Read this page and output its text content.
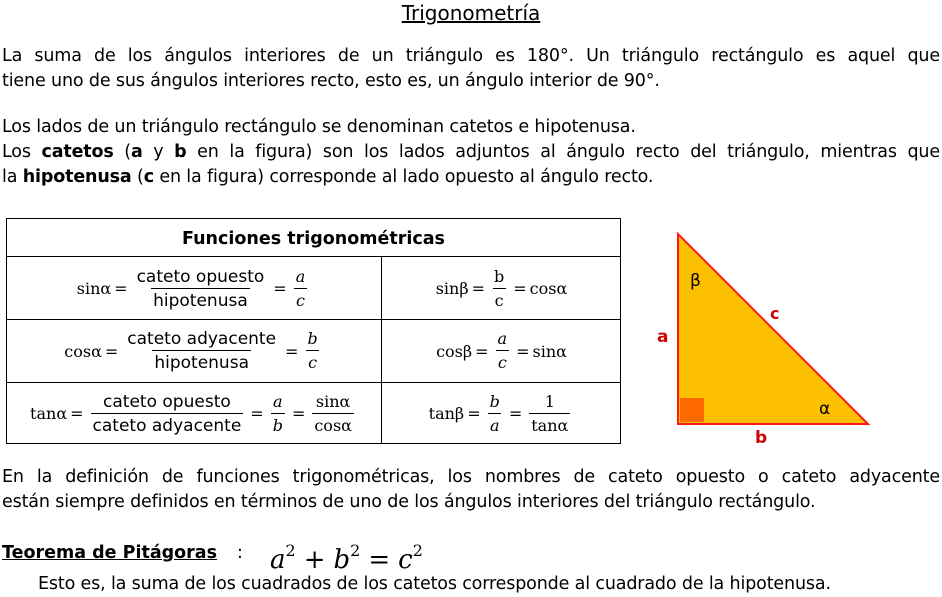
Trigonometría
La suma de los ángulos interiores de un triángulo es 180°. Un triángulo rectángulo es aquel que
tiene uno de sus ángulos interiores recto, esto es, un ángulo interior de 90°.
Los lados de un triángulo rectángulo se denominan catetos e hipotenusa.
Los catetos (a y b en la figura) son los lados adjuntos al ángulo recto del triángulo, mientras que
la hipotenusa (c en la figura) corresponde al lado opuesto al ángulo recto.
Funciones trigonométricas
$\sin\alpha = \frac{\text{cateto opuesto}}{\text{hipotenusa}} = \frac{a}{c}$	$\sin\beta = \frac{b}{c} = \cos\alpha$
$\cos\alpha = \frac{\text{cateto adyacente}}{\text{hipotenusa}} = \frac{b}{c}$	$\cos\beta = \frac{a}{c} = \sin\alpha$
$\tan\alpha = \frac{\text{cateto opuesto}}{\text{cateto adyacente}} = \frac{a}{b} = \frac{\sin\alpha}{\cos\alpha}$	$\tan\beta = \frac{b}{a} = \frac{1}{\tan\alpha}$
β
α
a
b
c
En la definición de funciones trigonométricas, los nombres de cateto opuesto o cateto adyacente
están siempre definidos en términos de uno de los ángulos interiores del triángulo rectángulo.
Teorema de Pitágoras : $a^2 + b^2 = c^2$
Esto es, la suma de los cuadrados de los catetos corresponde al cuadrado de la hipotenusa.
